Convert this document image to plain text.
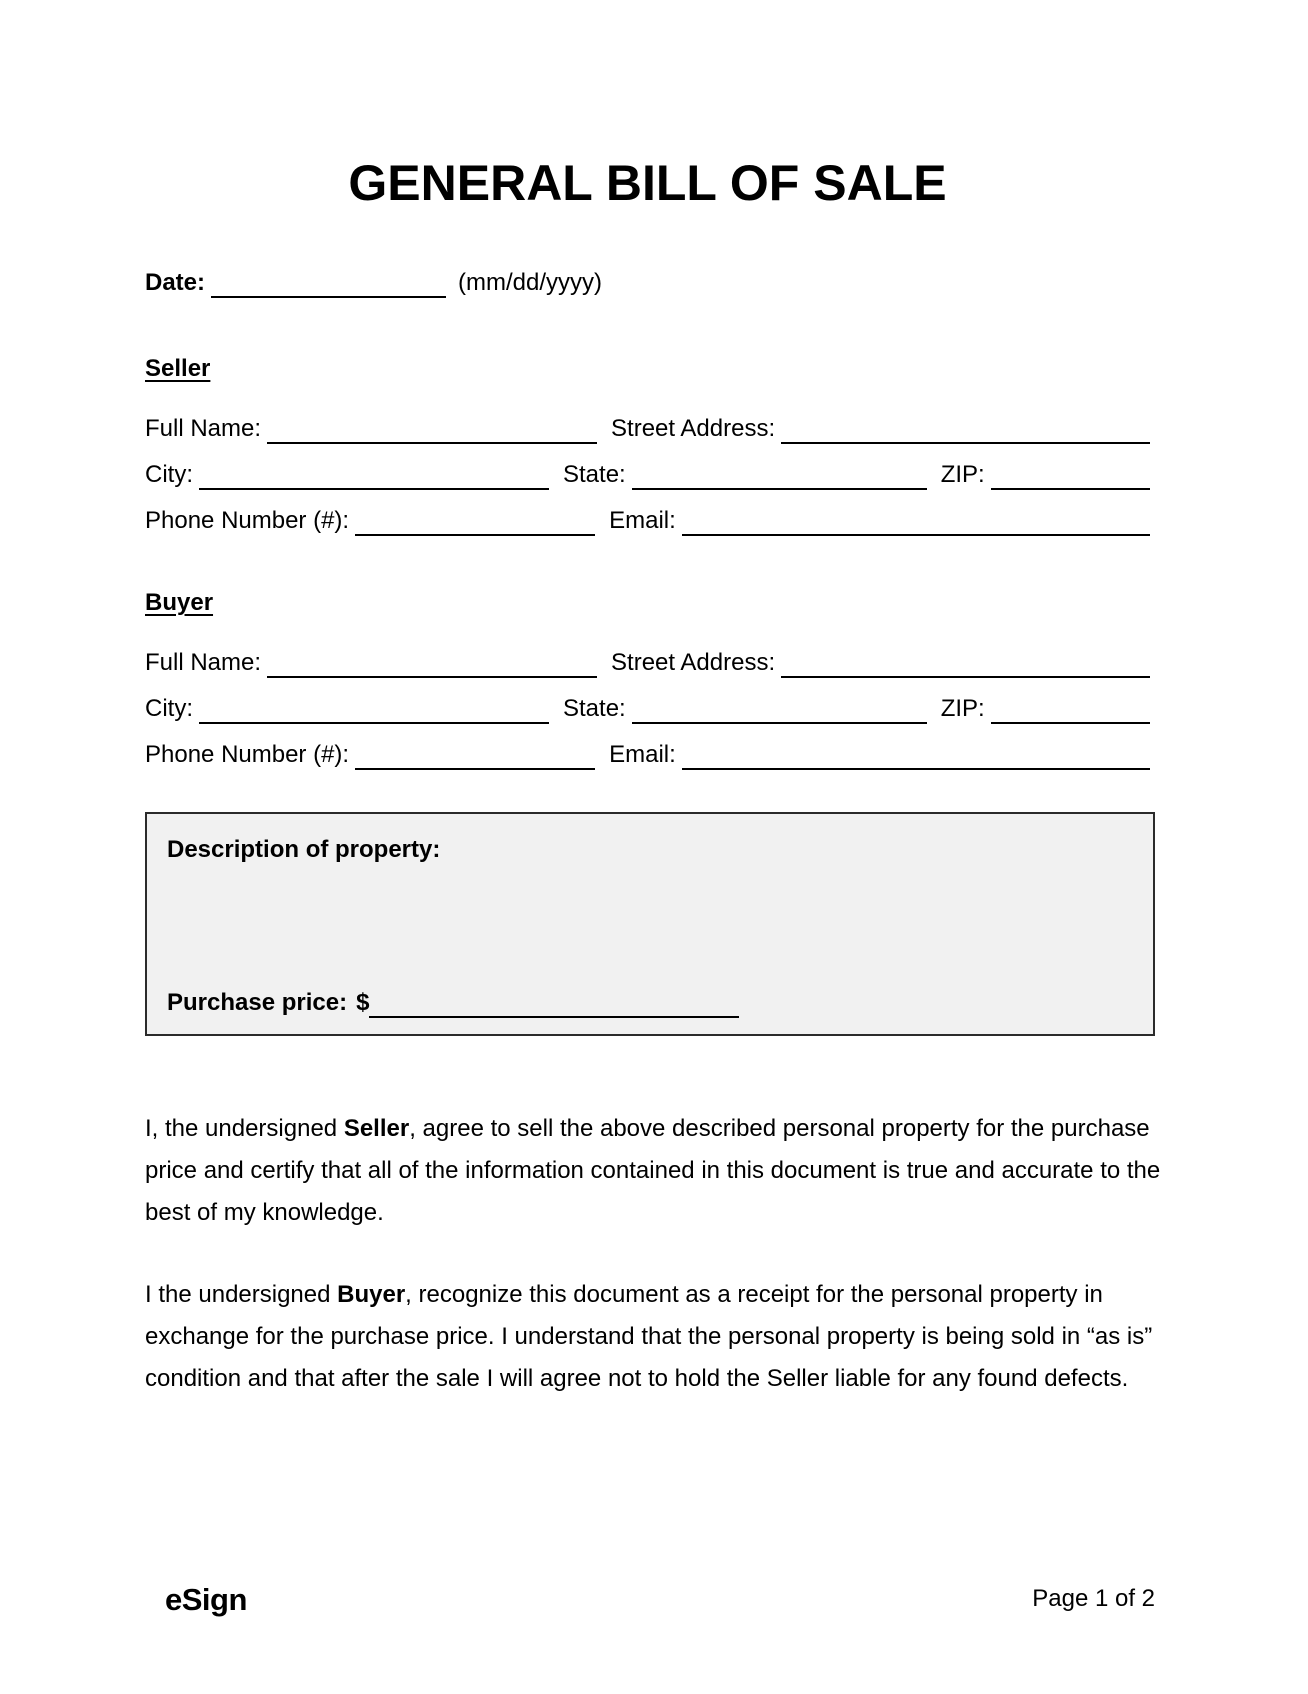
GENERAL BILL OF SALE
Date:	(mm/dd/yyyy)
Seller
Full Name:	Street Address:
City:	State:	ZIP:
Phone Number (#):	Email:
Buyer
Full Name:	Street Address:
City:	State:	ZIP:
Phone Number (#):	Email:
Description of property:
Purchase price: $

I, the undersigned Seller, agree to sell the above described personal property for the purchase
price and certify that all of the information contained in this document is true and accurate to the
best of my knowledge.

I the undersigned Buyer, recognize this document as a receipt for the personal property in
exchange for the purchase price. I understand that the personal property is being sold in “as is”
condition and that after the sale I will agree not to hold the Seller liable for any found defects.

eSign	Page 1 of 2
